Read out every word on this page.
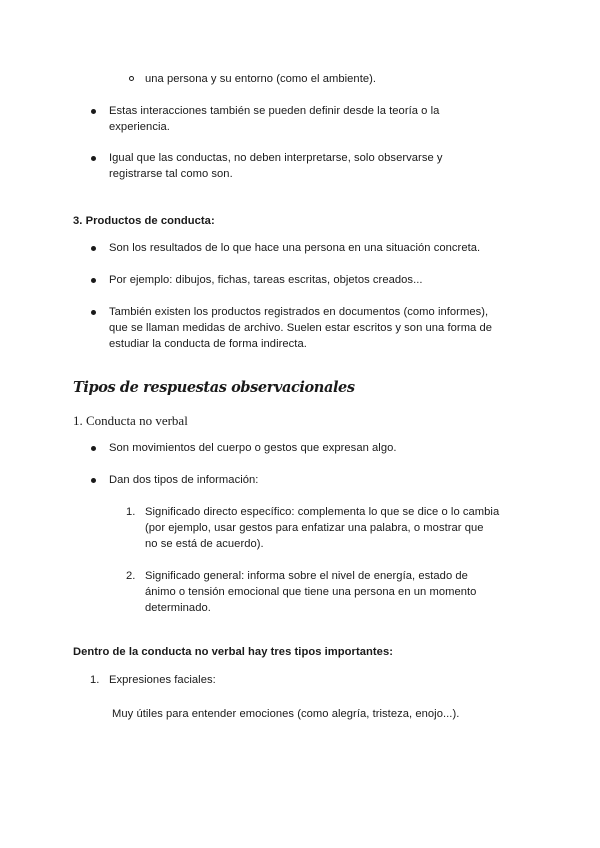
una persona y su entorno (como el ambiente).
Estas interacciones también se pueden definir desde la teoría o la
experiencia.
Igual que las conductas, no deben interpretarse, solo observarse y
registrarse tal como son.
3. Productos de conducta:
Son los resultados de lo que hace una persona en una situación concreta.
Por ejemplo: dibujos, fichas, tareas escritas, objetos creados...
También existen los productos registrados en documentos (como informes),
que se llaman medidas de archivo. Suelen estar escritos y son una forma de
estudiar la conducta de forma indirecta.
Tipos de respuestas observacionales
1. Conducta no verbal
Son movimientos del cuerpo o gestos que expresan algo.
Dan dos tipos de información:
1. Significado directo específico: complementa lo que se dice o lo cambia
(por ejemplo, usar gestos para enfatizar una palabra, o mostrar que
no se está de acuerdo).
2. Significado general: informa sobre el nivel de energía, estado de
ánimo o tensión emocional que tiene una persona en un momento
determinado.
Dentro de la conducta no verbal hay tres tipos importantes:
1. Expresiones faciales:
Muy útiles para entender emociones (como alegría, tristeza, enojo...).
